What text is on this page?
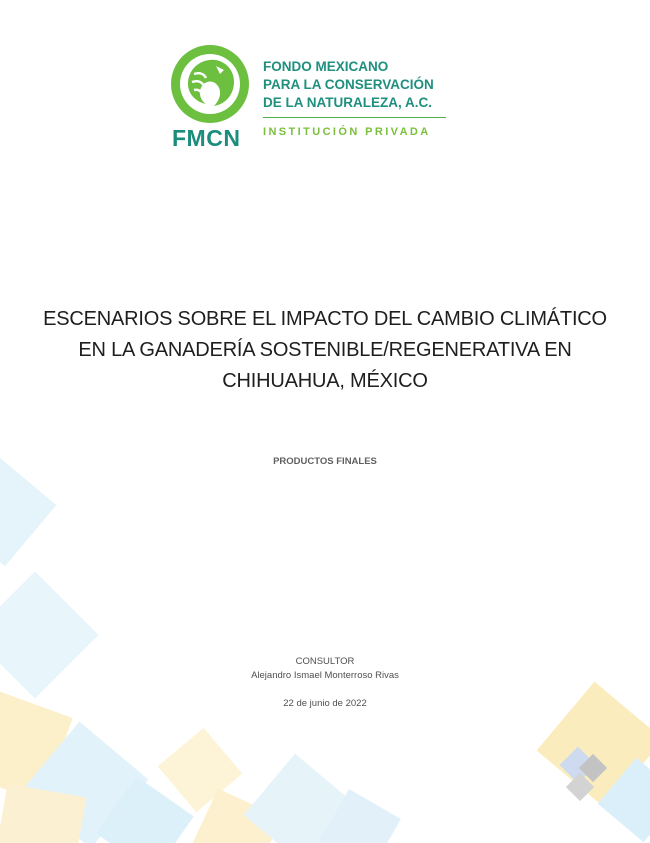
FMCN
FONDO MEXICANO
PARA LA CONSERVACIÓN
DE LA NATURALEZA, A.C.
INSTITUCIÓN PRIVADA
ESCENARIOS SOBRE EL IMPACTO DEL CAMBIO CLIMÁTICO
EN LA GANADERÍA SOSTENIBLE/REGENERATIVA EN
CHIHUAHUA, MÉXICO
PRODUCTOS FINALES
CONSULTOR
Alejandro Ismael Monterroso Rivas
22 de junio de 2022
